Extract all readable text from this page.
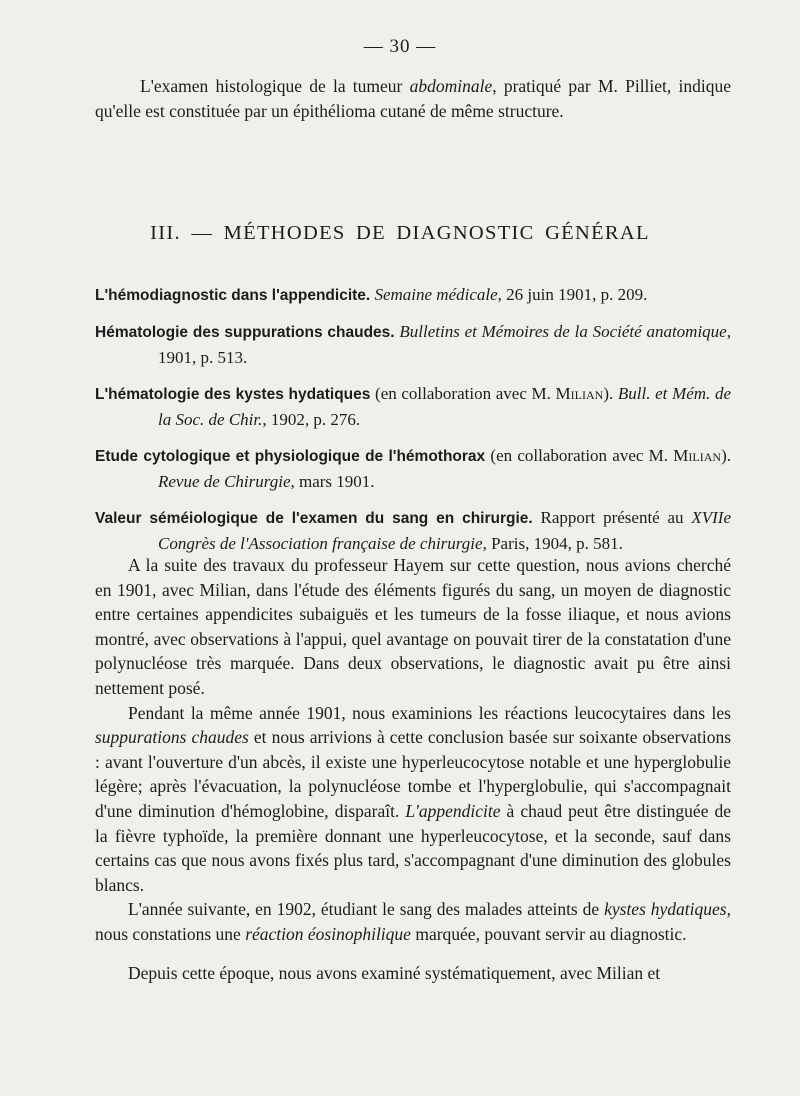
— 30 —
L'examen histologique de la tumeur abdominale, pratiqué par M. Pilliet, indique qu'elle est constituée par un épithélioma cutané de même structure.
III. — MÉTHODES DE DIAGNOSTIC GÉNÉRAL
L'hémodiagnostic dans l'appendicite. Semaine médicale, 26 juin 1901, p. 209.
Hématologie des suppurations chaudes. Bulletins et Mémoires de la Société anatomique, 1901, p. 513.
L'hématologie des kystes hydatiques (en collaboration avec M. Milian). Bull. et Mém. de la Soc. de Chir., 1902, p. 276.
Etude cytologique et physiologique de l'hémothorax (en collaboration avec M. Milian). Revue de Chirurgie, mars 1901.
Valeur séméiologique de l'examen du sang en chirurgie. Rapport présenté au XVIIe Congrès de l'Association française de chirurgie, Paris, 1904, p. 581.

A la suite des travaux du professeur Hayem sur cette question, nous avions cherché en 1901, avec Milian, dans l'étude des éléments figurés du sang, un moyen de diagnostic entre certaines appendicites subaiguës et les tumeurs de la fosse iliaque, et nous avions montré, avec observations à l'appui, quel avantage on pouvait tirer de la constatation d'une polynucléose très marquée. Dans deux observations, le diagnostic avait pu être ainsi nettement posé.

Pendant la même année 1901, nous examinions les réactions leucocytaires dans les suppurations chaudes et nous arrivions à cette conclusion basée sur soixante observations : avant l'ouverture d'un abcès, il existe une hyperleucocytose notable et une hyperglobulie légère; après l'évacuation, la polynucléose tombe et l'hyperglobulie, qui s'accompagnait d'une diminution d'hémoglobine, disparaît. L'appendicite à chaud peut être distinguée de la fièvre typhoïde, la première donnant une hyperleucocytose, et la seconde, sauf dans certains cas que nous avons fixés plus tard, s'accompagnant d'une diminution des globules blancs.

L'année suivante, en 1902, étudiant le sang des malades atteints de kystes hydatiques, nous constations une réaction éosinophilique marquée, pouvant servir au diagnostic.

Depuis cette époque, nous avons examiné systématiquement, avec Milian et
